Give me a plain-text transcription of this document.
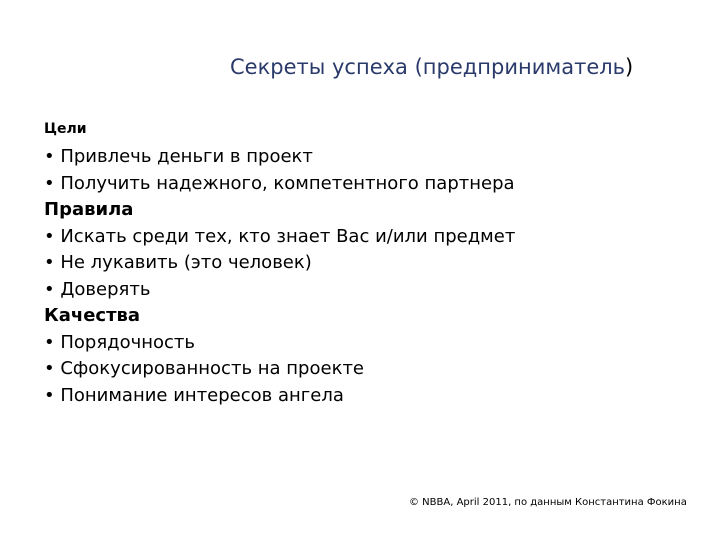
Секреты успеха (предприниматель)
Цели
• Привлечь деньги в проект
• Получить надежного, компетентного партнера
Правила
• Искать среди тех, кто знает Вас и/или предмет
• Не лукавить (это человек)
• Доверять
Качества
• Порядочность
• Сфокусированность на проекте
• Понимание интересов ангела
© NBBA, April 2011, по данным Константина Фокина
